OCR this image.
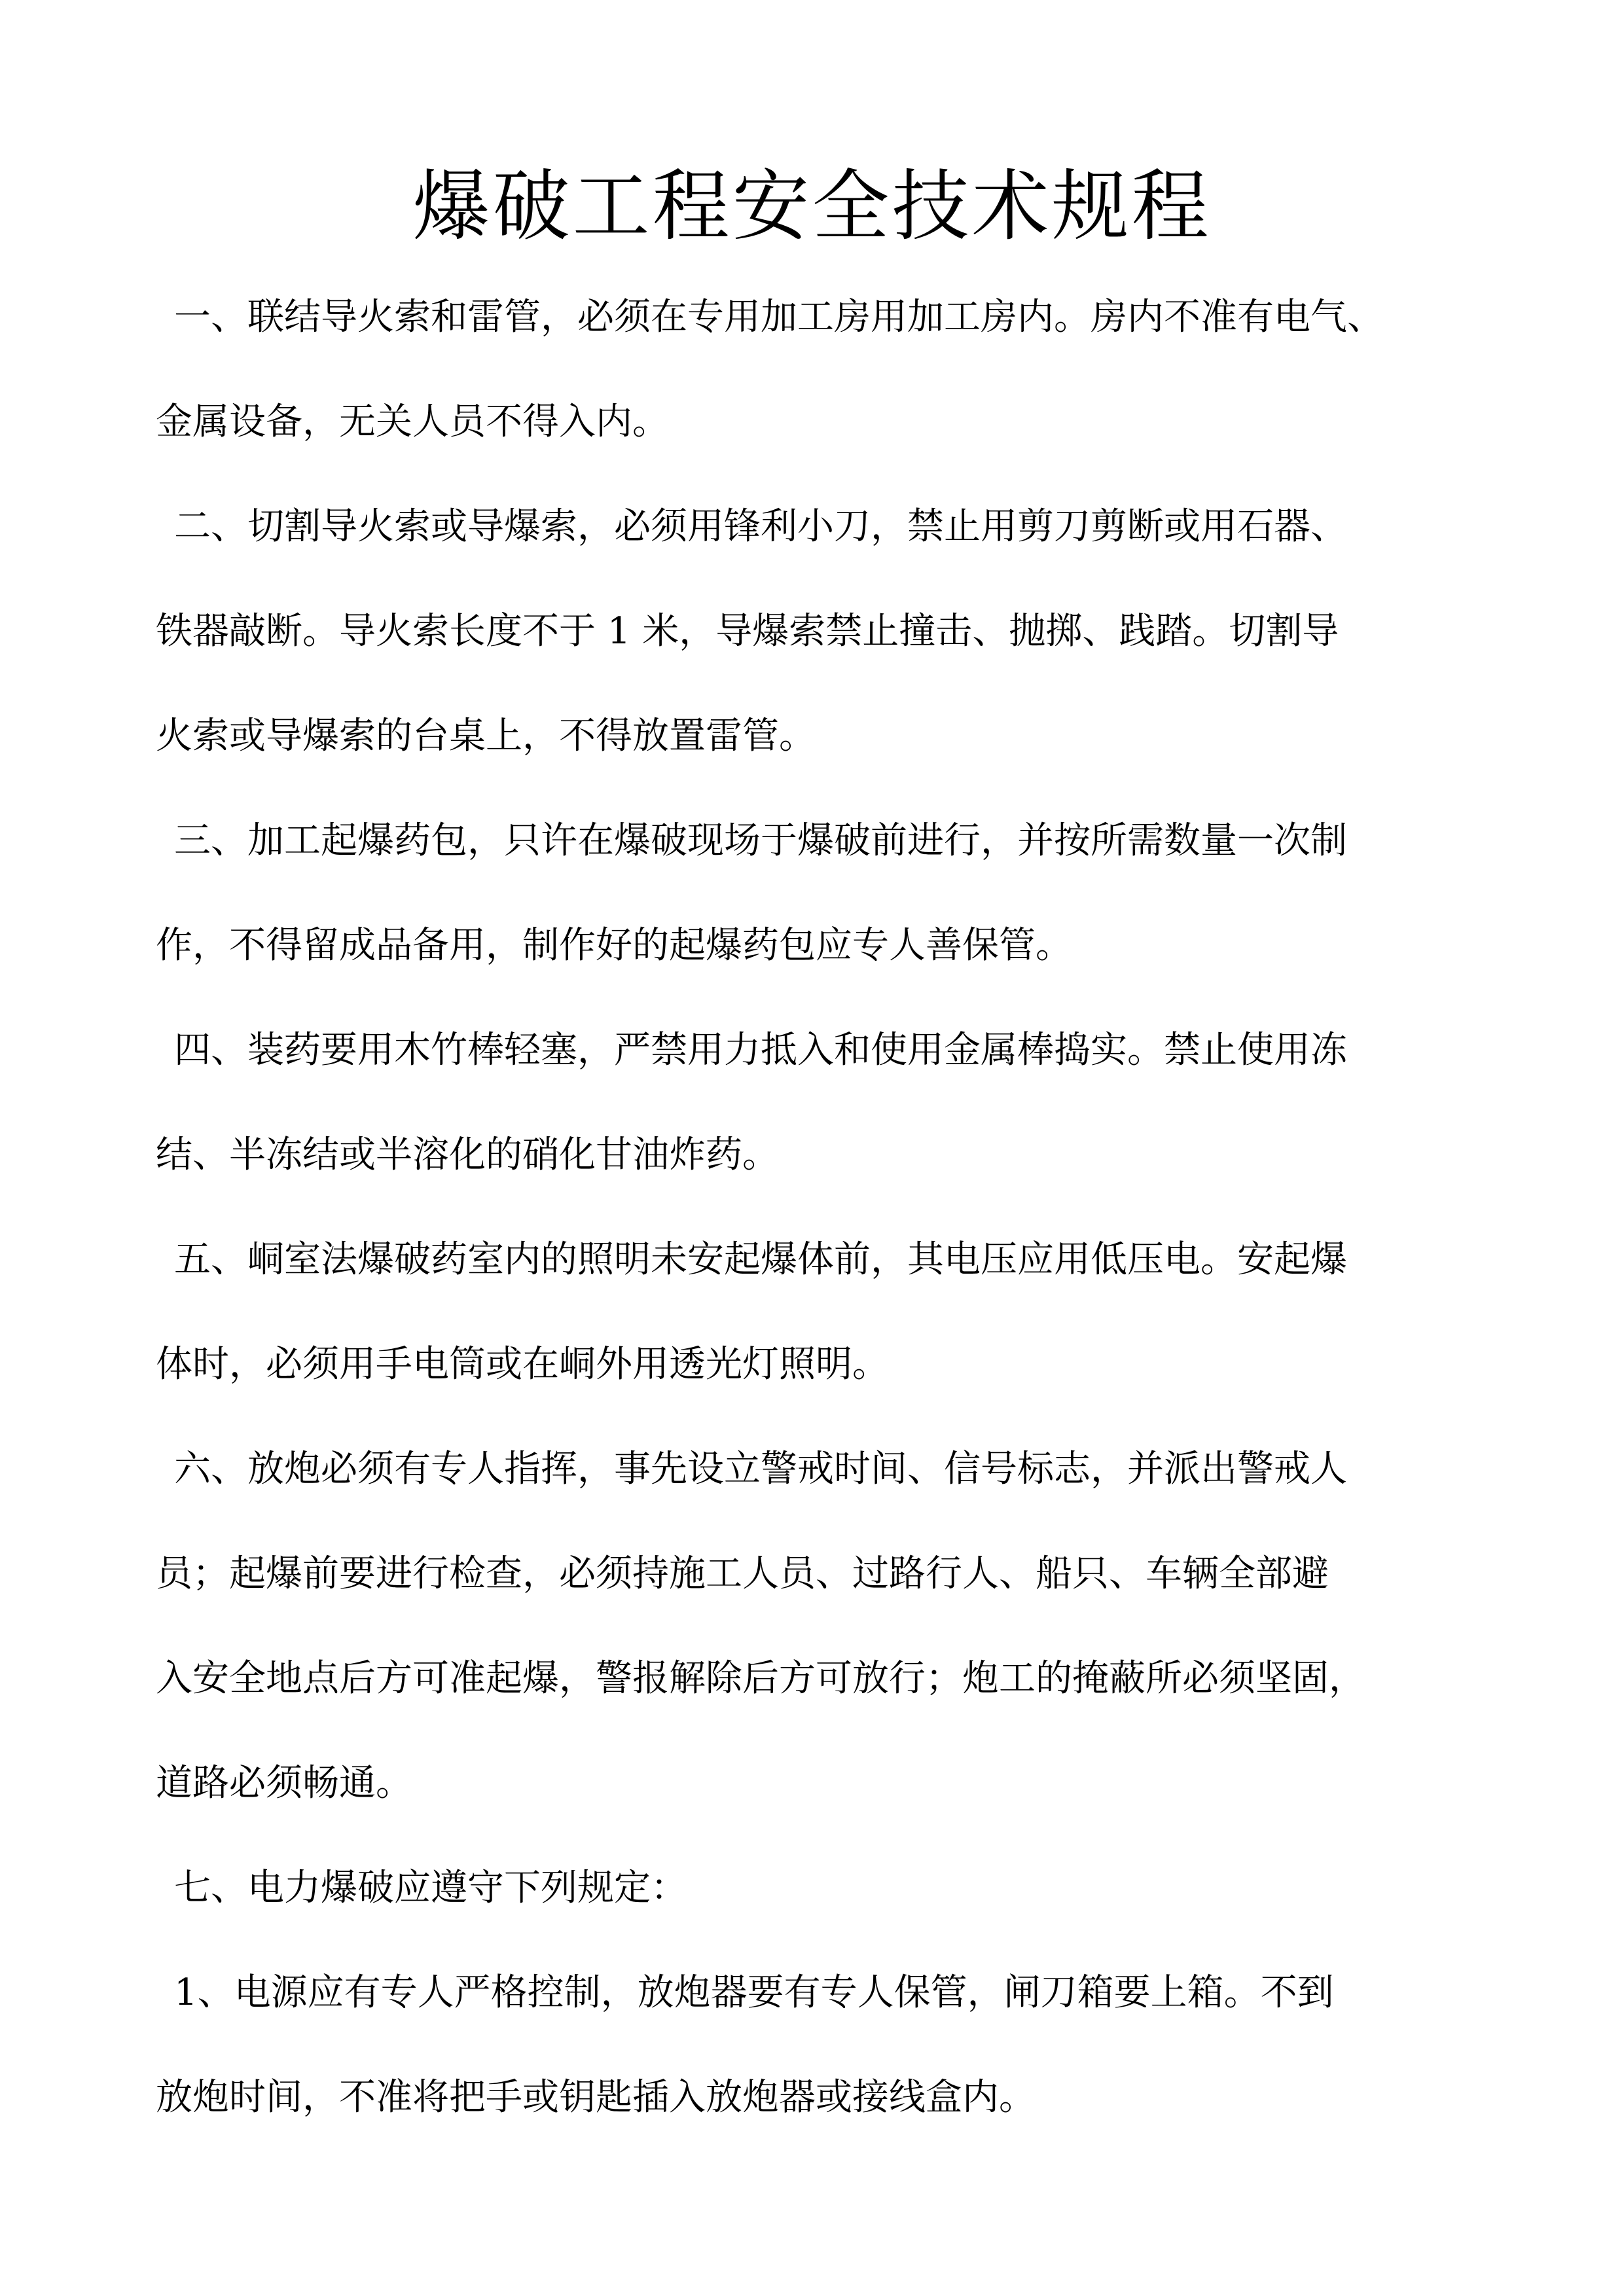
爆破工程安全技术规程
一、联结导火索和雷管，必须在专用加工房用加工房内。房内不准有电气、
金属设备，无关人员不得入内。
二、切割导火索或导爆索，必须用锋利小刀，禁止用剪刀剪断或用石器、
铁器敲断。导火索长度不于 1 米，导爆索禁止撞击、抛掷、践踏。切割导
火索或导爆索的台桌上，不得放置雷管。
三、加工起爆药包，只许在爆破现场于爆破前进行，并按所需数量一次制
作，不得留成品备用，制作好的起爆药包应专人善保管。
四、装药要用木竹棒轻塞，严禁用力抵入和使用金属棒捣实。禁止使用冻
结、半冻结或半溶化的硝化甘油炸药。
五、峒室法爆破药室内的照明未安起爆体前，其电压应用低压电。安起爆
体时，必须用手电筒或在峒外用透光灯照明。
六、放炮必须有专人指挥，事先设立警戒时间、信号标志，并派出警戒人
员；起爆前要进行检查，必须持施工人员、过路行人、船只、车辆全部避
入安全地点后方可准起爆，警报解除后方可放行；炮工的掩蔽所必须坚固，
道路必须畅通。
七、电力爆破应遵守下列规定：
1、电源应有专人严格控制，放炮器要有专人保管，闸刀箱要上箱。不到
放炮时间，不准将把手或钥匙插入放炮器或接线盒内。
